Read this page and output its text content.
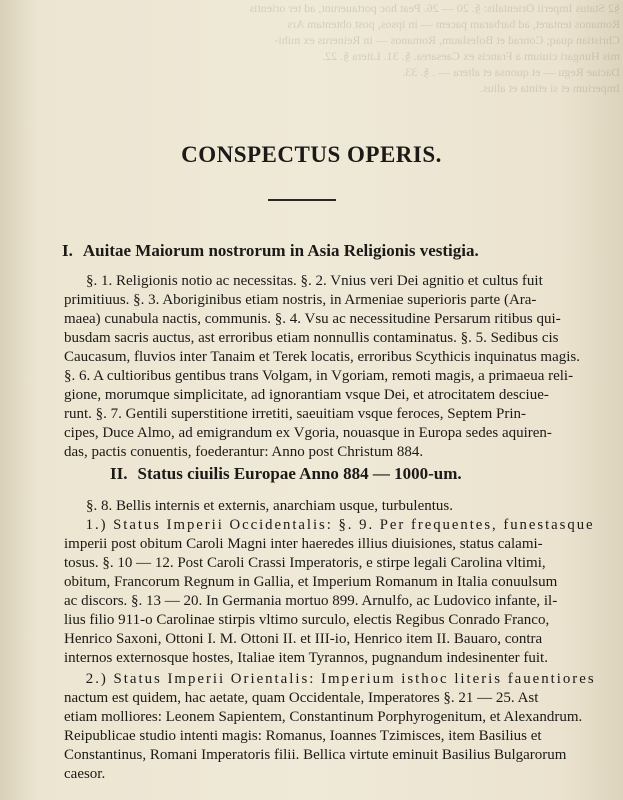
§2 Status Imperii Orientalis: §. 20 — 26. Peat hoc portauerunt, ad ter orientis
Romanos tentaret, ad barbaram pacem — in ipsos, post obtentam Ars
Christian quaq; Conrad et Boleslaum, Romanos — in Reinerus ex mihi-
mis Hungari ciuium a Francis ex Caesarea. §. 31. Litera §. 22.
Daciae Regu — et quonsa et altera — . §. 33.
Imperium et si etinta et alius.
CONSPECTUS OPERIS.
I. Auitae Maiorum nostrorum in Asia Religionis vestigia.
§. 1. Religionis notio ac necessitas. §. 2. Vnius veri Dei agnitio et cultus fuit
primitiuus. §. 3. Aboriginibus etiam nostris, in Armeniae superioris parte (Ara-
maea) cunabula nactis, communis. §. 4. Vsu ac necessitudine Persarum ritibus qui-
busdam sacris auctus, ast erroribus etiam nonnullis contaminatus. §. 5. Sedibus cis
Caucasum, fluvios inter Tanaim et Terek locatis, erroribus Scythicis inquinatus magis.
§. 6. A cultioribus gentibus trans Volgam, in Vgoriam, remoti magis, a primaeua reli-
gione, morumque simplicitate, ad ignorantiam vsque Dei, et atrocitatem desciue-
runt. §. 7. Gentili superstitione irretiti, saeuitiam vsque feroces, Septem Prin-
cipes, Duce Almo, ad emigrandum ex Vgoria, nouasque in Europa sedes aquiren-
das, pactis conuentis, foederantur: Anno post Christum 884.
II. Status ciuilis Europae Anno 884 — 1000-um.
§. 8. Bellis internis et externis, anarchiam usque, turbulentus.
1.) Status Imperii Occidentalis: §. 9. Per frequentes, funestasque
imperii post obitum Caroli Magni inter haeredes illius diuisiones, status calami-
tosus. §. 10 — 12. Post Caroli Crassi Imperatoris, e stirpe legali Carolina vltimi,
obitum, Francorum Regnum in Gallia, et Imperium Romanum in Italia conuulsum
ac discors. §. 13 — 20. In Germania mortuo 899. Arnulfo, ac Ludovico infante, il-
lius filio 911-o Carolinae stirpis vltimo surculo, electis Regibus Conrado Franco,
Henrico Saxoni, Ottoni I. M. Ottoni II. et III-io, Henrico item II. Bauaro, contra
internos externosque hostes, Italiae item Tyrannos, pugnandum indesinenter fuit.
2.) Status Imperii Orientalis: Imperium isthoc literis fauentiores
nactum est quidem, hac aetate, quam Occidentale, Imperatores §. 21 — 25. Ast
etiam molliores: Leonem Sapientem, Constantinum Porphyrogenitum, et Alexandrum.
Reipublicae studio intenti magis: Romanus, Ioannes Tzimisces, item Basilius et
Constantinus, Romani Imperatoris filii. Bellica virtute eminuit Basilius Bulgarorum
caesor.
